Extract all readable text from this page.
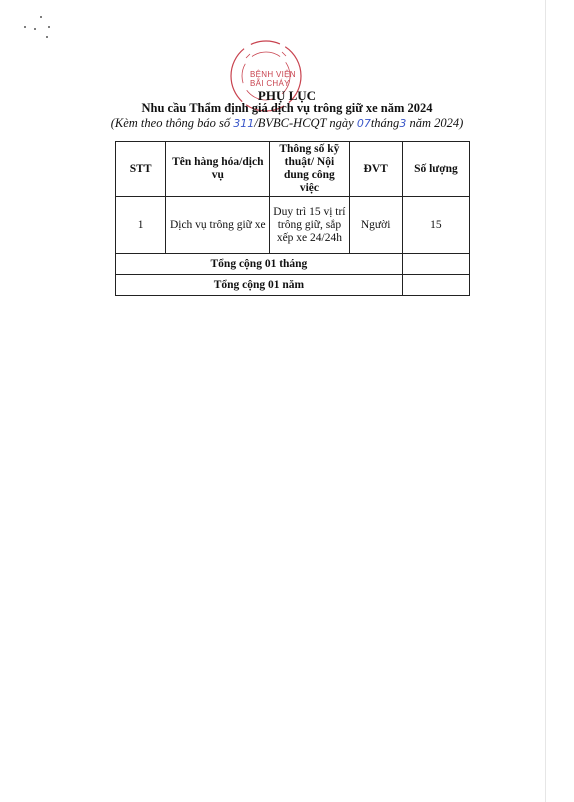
BỆNH VIỆN
BÃI CHÁY
PHỤ LỤC
Nhu cầu Thẩm định giá dịch vụ trông giữ xe năm 2024
(Kèm theo thông báo số 311/BVBC-HCQT ngày 07tháng3 năm 2024)
STT	Tên hàng hóa/dịch vụ	Thông số kỹ thuật/ Nội dung công việc	ĐVT	Số lượng
1	Dịch vụ trông giữ xe	Duy trì 15 vị trí trông giữ, sắp xếp xe 24/24h	Người	15
Tổng cộng 01 tháng				
Tổng cộng 01 năm				
